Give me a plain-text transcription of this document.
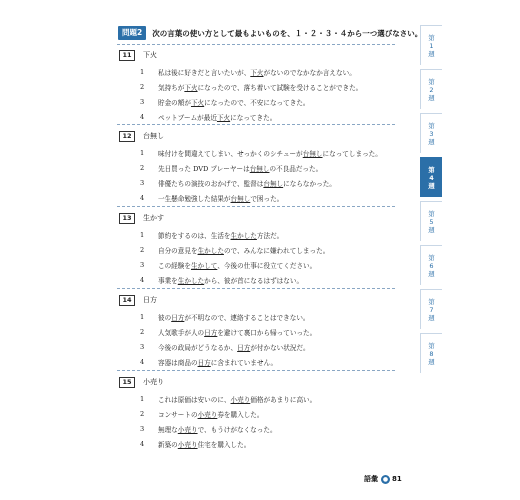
問題2	次の言葉の使い方として最もよいものを、１・２・３・４から一つ選びなさい。
11	下火
1	私は後に好きだと言いたいが、 下火 がないのでなかなか言えない。
2	気持ちが 下火 になったので、落ち着いて試験を受けることができた。
3	貯金の額が 下火 になったので、不安になってきた。
4	ペットブームが最近 下火 になってきた。
12	台無し
1	味付けを間違えてしまい、せっかくのシチューが 台無し になってしまった。
2	先日買った DVD プレーヤーは 台無し の不良品だった。
3	俳優たちの演技のおかげで、監督は 台無し にならなかった。
4	一生懸命勉強した結果が 台無し で困った。
13	生かす
1	節約をするのは、生活を 生かした 方法だ。
2	自分の意見を 生かした ので、みんなに嫌われてしまった。
3	この経験を 生かして 、今後の仕事に役立てください。
4	事業を 生かした から、彼が首になるはずはない。
14	日方
1	彼の 日方 が不明なので、連絡することはできない。
2	人気歌手が人の 日方 を避けて裏口から帰っていった。
3	今後の政局がどうなるか、 日方 が付かない状況だ。
4	容器は商品の 日方 に含まれていません。
15	小売り
1	これは原価は安いのに、 小売り 価格があまりに高い。
2	コンサートの 小売り 券を購入した。
3	無理な 小売り で、もうけがなくなった。
4	新築の 小売り 住宅を購入した。
第
1
週
第
2
週
第
3
週
第
4
週
第
5
週
第
6
週
第
7
週
第
8
週
語彙 ● 81
